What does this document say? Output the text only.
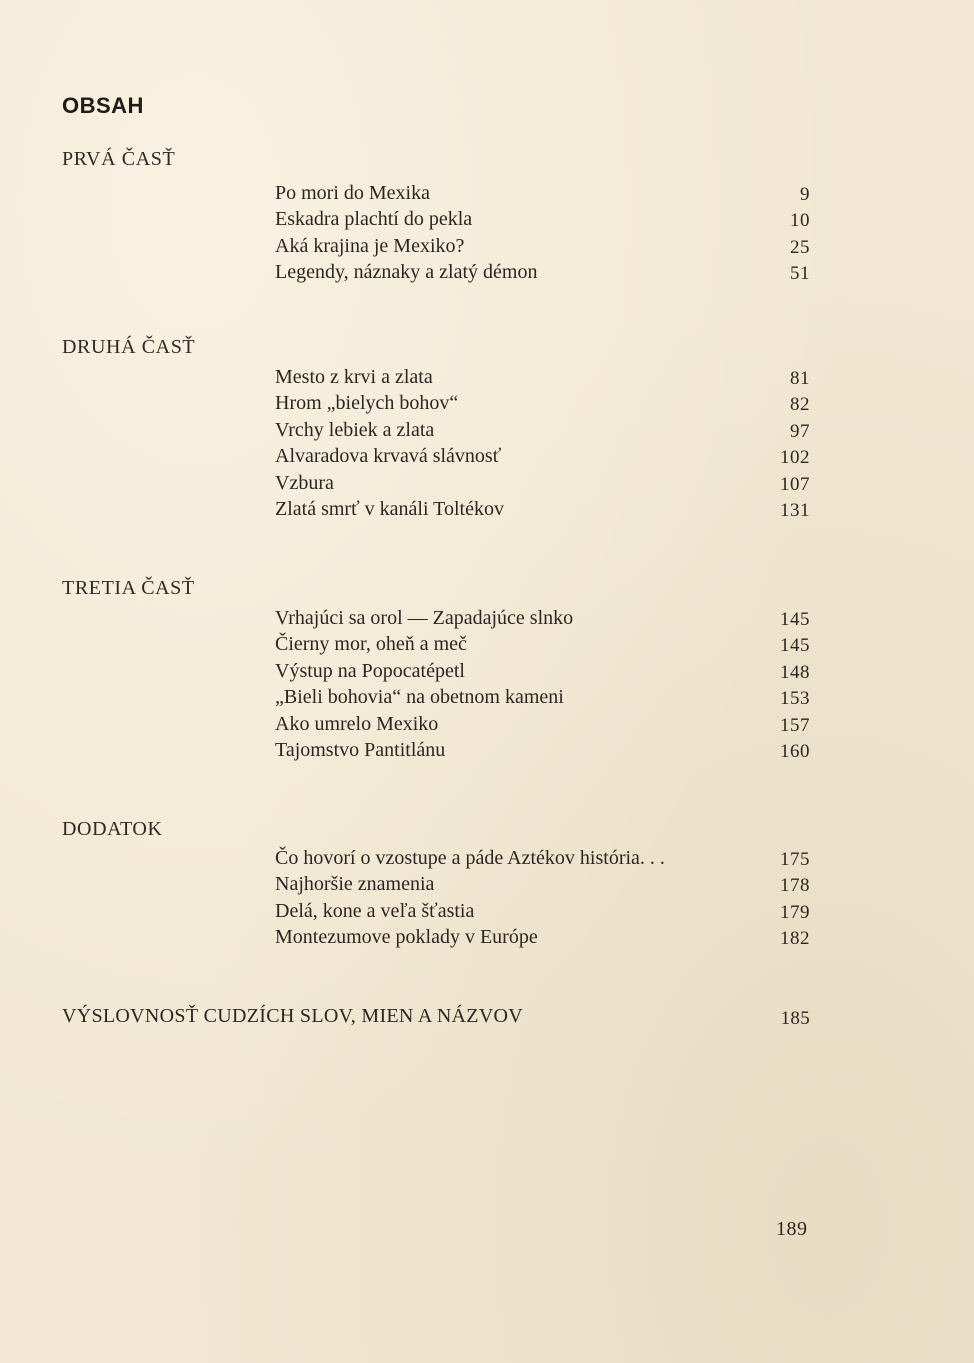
OBSAH
PRVÁ ČASŤ
Po mori do Mexika	9
Eskadra plachtí do pekla	10
Aká krajina je Mexiko?	25
Legendy, náznaky a zlatý démon	51
DRUHÁ ČASŤ
Mesto z krvi a zlata	81
Hrom „bielych bohov“	82
Vrchy lebiek a zlata	97
Alvaradova krvavá slávnosť	102
Vzbura	107
Zlatá smrť v kanáli Toltékov	131
TRETIA ČASŤ
Vrhajúci sa orol — Zapadajúce slnko	145
Čierny mor, oheň a meč	145
Výstup na Popocatépetl	148
„Bieli bohovia“ na obetnom kameni	153
Ako umrelo Mexiko	157
Tajomstvo Pantitlánu	160
DODATOK
Čo hovorí o vzostupe a páde Aztékov história. . .	175
Najhoršie znamenia	178
Delá, kone a veľa šťastia	179
Montezumove poklady v Európe	182
VÝSLOVNOSŤ CUDZÍCH SLOV, MIEN A NÁZVOV	185
189
